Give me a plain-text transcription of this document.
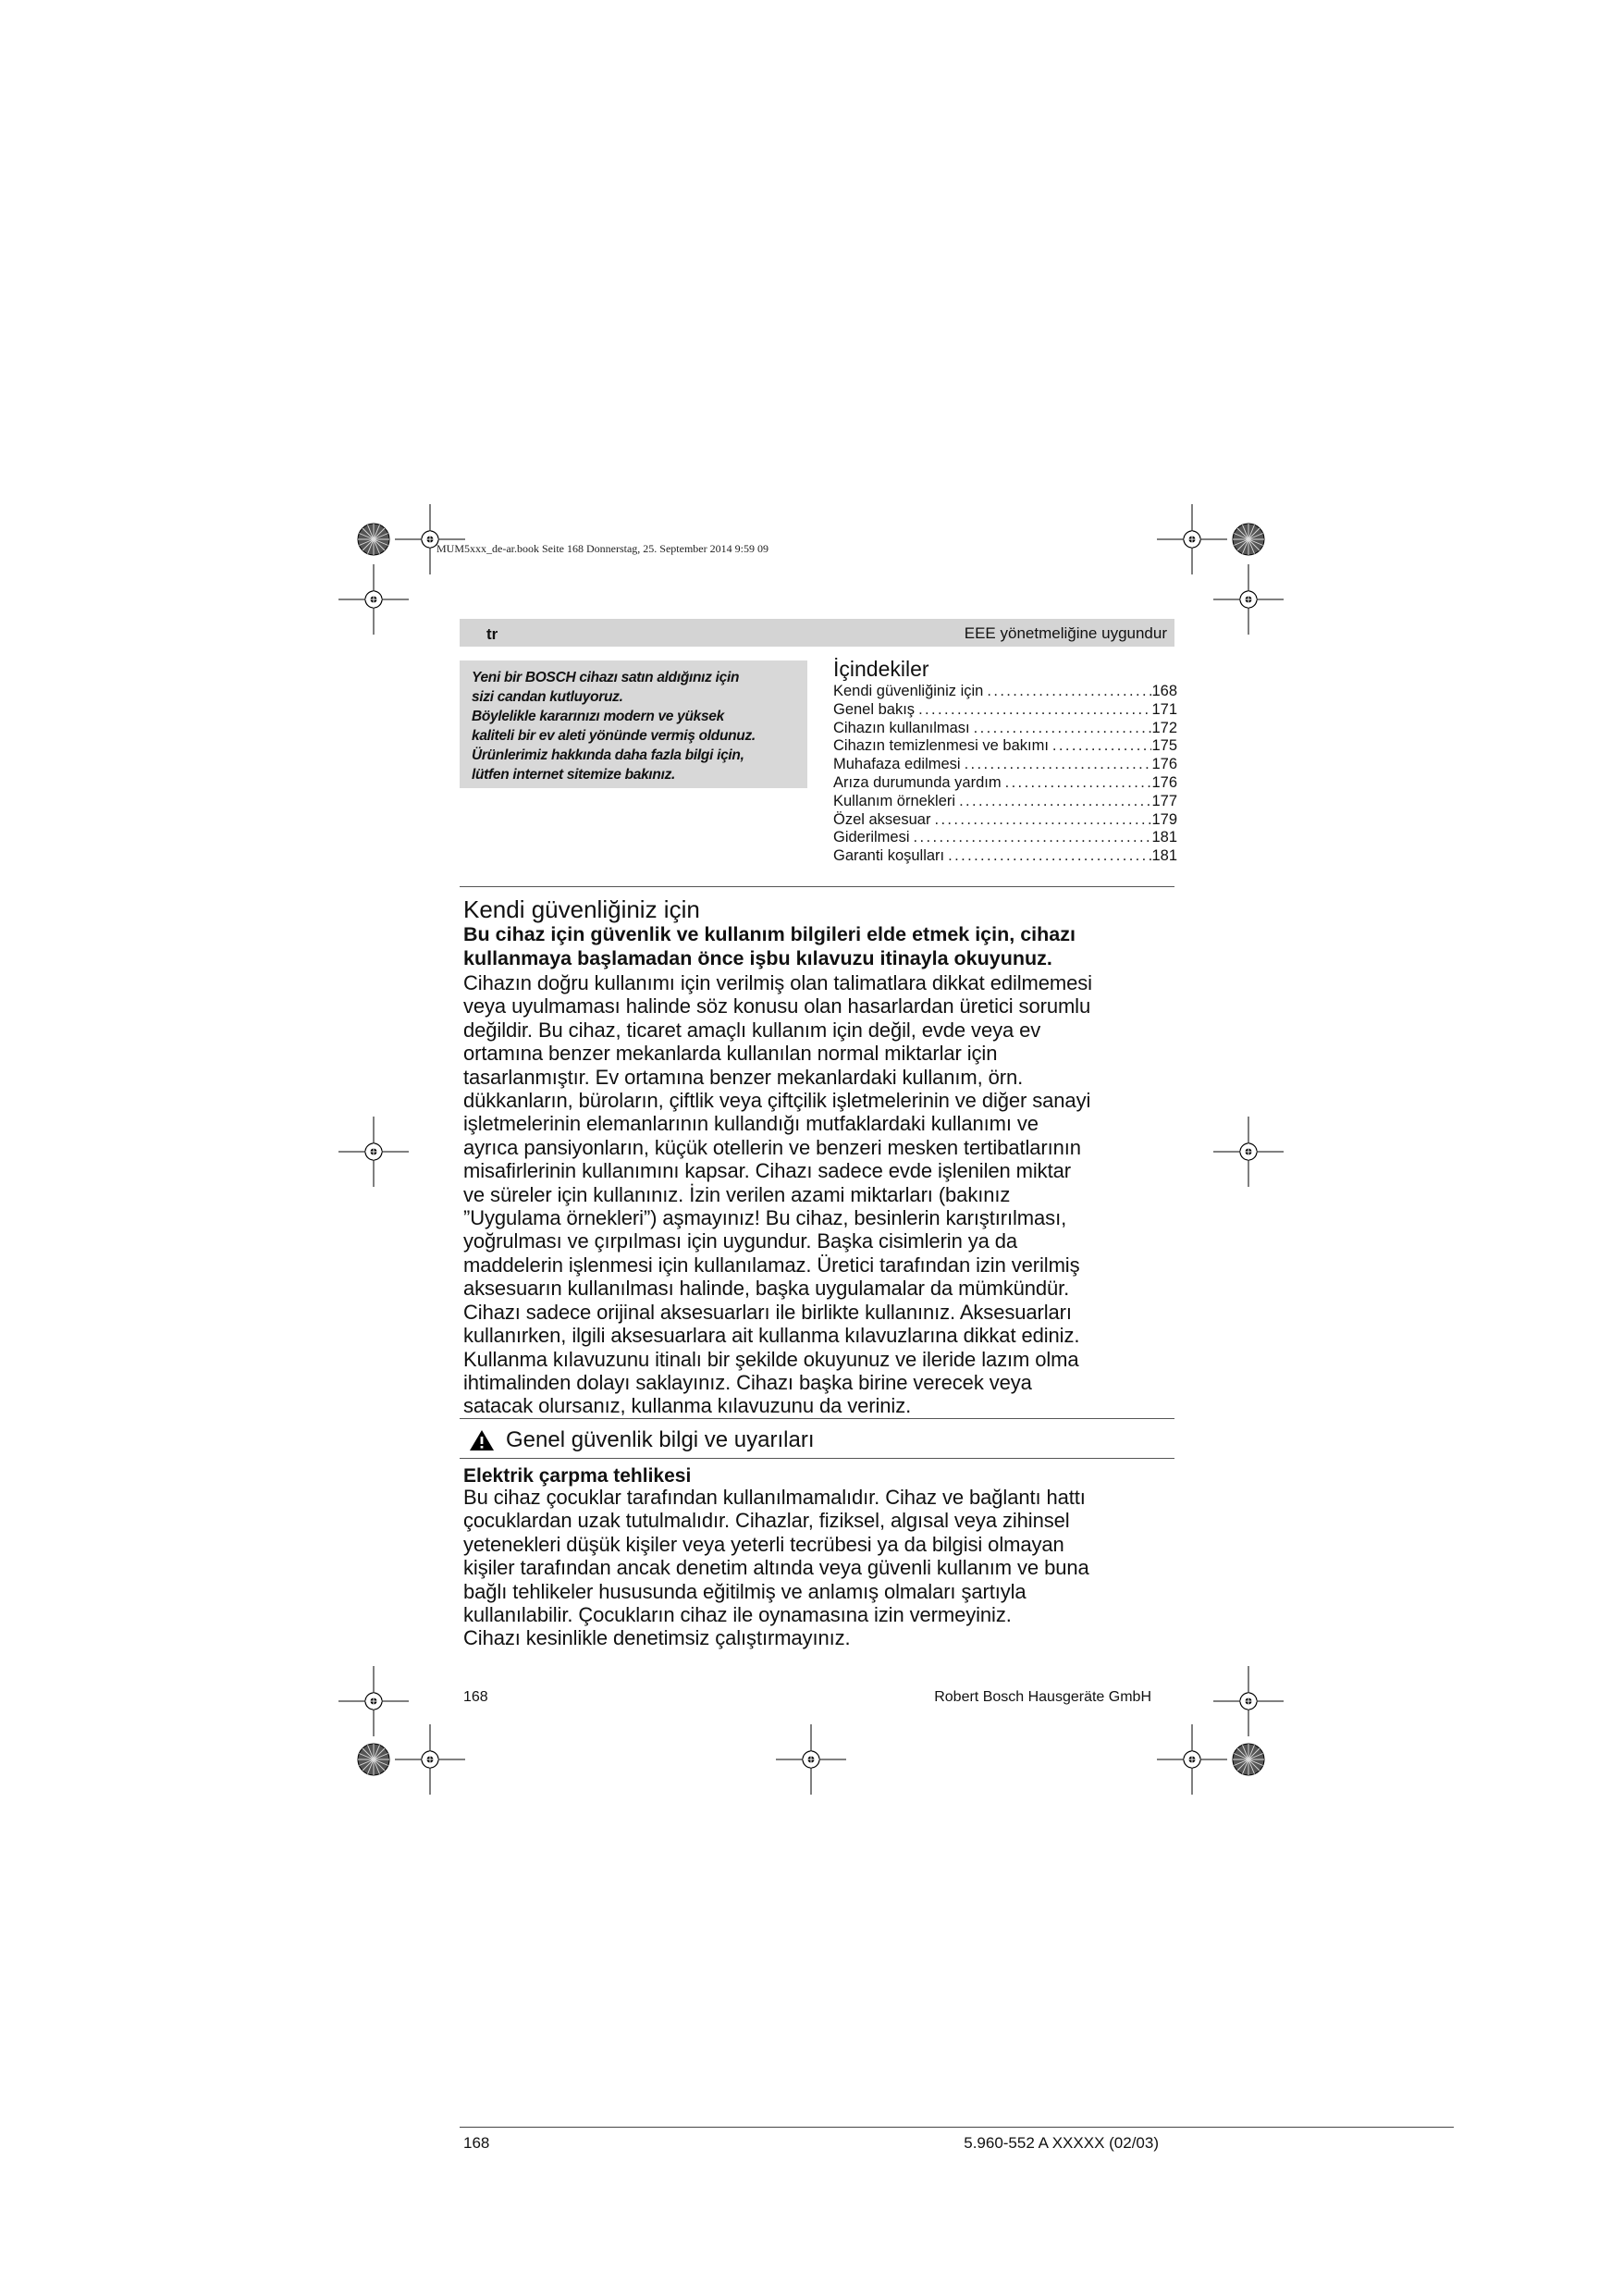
MUM5xxx_de-ar.book Seite 168 Donnerstag, 25. September 2014 9:59 09
tr	EEE yönetmeliğine uygundur
Yeni bir BOSCH cihazı satın aldığınız için
sizi candan kutluyoruz.
Böylelikle kararınızı modern ve yüksek
kaliteli bir ev aleti yönünde vermiş oldunuz.
Ürünlerimiz hakkında daha fazla bilgi için,
lütfen internet sitemize bakınız.
İçindekiler
Kendi güvenliğiniz için .....	168
Genel bakış .....	171
Cihazın kullanılması .....	172
Cihazın temizlenmesi ve bakımı .....	175
Muhafaza edilmesi .....	176
Arıza durumunda yardım .....	176
Kullanım örnekleri .....	177
Özel aksesuar .....	179
Giderilmesi .....	181
Garanti koşulları .....	181
Kendi güvenliğiniz için
Bu cihaz için güvenlik ve kullanım bilgileri elde etmek için, cihazı
kullanmaya başlamadan önce işbu kılavuzu itinayla okuyunuz.
Cihazın doğru kullanımı için verilmiş olan talimatlara dikkat edilmemesi
veya uyulmaması halinde söz konusu olan hasarlardan üretici sorumlu
değildir. Bu cihaz, ticaret amaçlı kullanım için değil, evde veya ev
ortamına benzer mekanlarda kullanılan normal miktarlar için
tasarlanmıştır. Ev ortamına benzer mekanlardaki kullanım, örn.
dükkanların, büroların, çiftlik veya çiftçilik işletmelerinin ve diğer sanayi
işletmelerinin elemanlarının kullandığı mutfaklardaki kullanımı ve
ayrıca pansiyonların, küçük otellerin ve benzeri mesken tertibatlarının
misafirlerinin kullanımını kapsar. Cihazı sadece evde işlenilen miktar
ve süreler için kullanınız. İzin verilen azami miktarları (bakınız
”Uygulama örnekleri”) aşmayınız! Bu cihaz, besinlerin karıştırılması,
yoğrulması ve çırpılması için uygundur. Başka cisimlerin ya da
maddelerin işlenmesi için kullanılamaz. Üretici tarafından izin verilmiş
aksesuarın kullanılması halinde, başka uygulamalar da mümkündür.
Cihazı sadece orijinal aksesuarları ile birlikte kullanınız. Aksesuarları
kullanırken, ilgili aksesuarlara ait kullanma kılavuzlarına dikkat ediniz.
Kullanma kılavuzunu itinalı bir şekilde okuyunuz ve ileride lazım olma
ihtimalinden dolayı saklayınız. Cihazı başka birine verecek veya
satacak olursanız, kullanma kılavuzunu da veriniz.
Genel güvenlik bilgi ve uyarıları
Elektrik çarpma tehlikesi
Bu cihaz çocuklar tarafından kullanılmamalıdır. Cihaz ve bağlantı hattı
çocuklardan uzak tutulmalıdır. Cihazlar, fiziksel, algısal veya zihinsel
yetenekleri düşük kişiler veya yeterli tecrübesi ya da bilgisi olmayan
kişiler tarafından ancak denetim altında veya güvenli kullanım ve buna
bağlı tehlikeler hususunda eğitilmiş ve anlamış olmaları şartıyla
kullanılabilir. Çocukların cihaz ile oynamasına izin vermeyiniz.
Cihazı kesinlikle denetimsiz çalıştırmayınız.
168	Robert Bosch Hausgeräte GmbH
168	5.960-552 A XXXXX (02/03)
